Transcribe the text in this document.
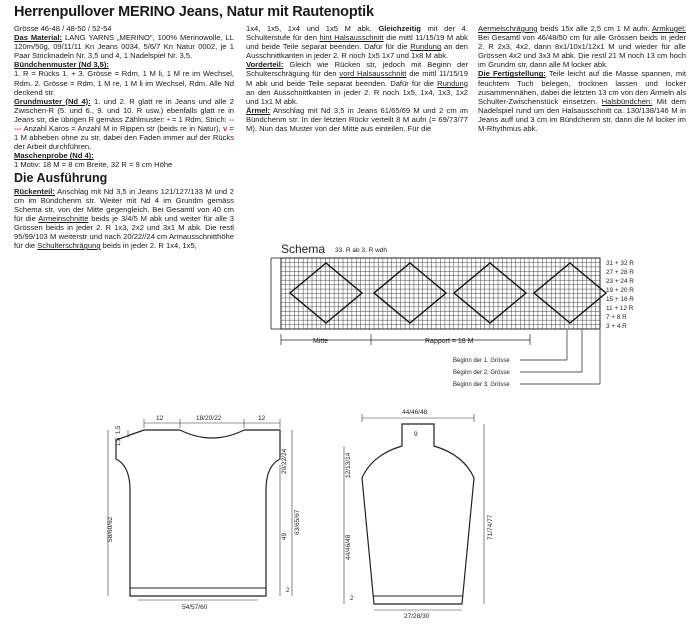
Herrenpullover MERINO Jeans, Natur mit Rautenoptik

Grösse 46-48 / 48-50 / 52-54

Das Material: LANG YARNS „MERINO", 100% Merinowolle, LL 120m/50g, 09/11/11 Kn Jeans 0034, 5/6/7 Kn Natur 0002, je 1 Paar Stricknadeln Nr. 3,5 und 4, 1 Nadelspiel Nr. 3,5.

Bündchenmuster (Nd 3,5):

1. R = Rücks 1. + 3. Grösse = Rdm, 1 M li, 1 M re im Wechsel, Rdm. 2. Grösse = Rdm, 1 M re, 1 M li im Wechsel, Rdm. Alle Nd deckend str.

Grundmuster (Nd 4): 1. und 2. R glatt re in Jeans und alle 2 Zwischen-R (5. und 6., 9. und 10. R usw.) ebenfalls glatt re in Jeans str, die übrigen R gemäss Zählmuster: • = 1 Rdm, Strich: ----- Anzahl Karos = Anzahl M in Rippen str (beids re in Natur), v = 1 M abheben ohne zu str, dabei den Faden immer auf der Rücks der Arbeit durchführen.

Maschenprobe (Nd 4):

1 Motiv: 18 M = 8 cm Breite, 32 R = 9 cm Höhe

Die Ausführung

Rückenteil: Anschlag mit Nd 3,5 in Jeans 121/127/133 M und 2 cm im Bündchenm str. Weiter mit Nd 4 im Grundm gemäss Schema str, von der Mitte gegengleich. Bei Gesamtl von 40 cm für die Armeinschnitte beids je 3/4/5 M abk und weiter für alle 3 Grössen beids in jeder 2. R 1x3, 2x2 und 3x1 M abk. Die restl 95/99/103 M weiterstr und nach 20/22//24 cm Armausschnitthöhe für die Schulterschrägung beids in jeder 2. R 1x4, 1x5,

1x4, 1x5, 1x4 und 1x5 M abk. Gleichzeitig mit der 4. Schulterstufe für den hint Halsausschnitt die mittl 11/15/19 M abk und beide Teile separat beenden. Dafür für die Rundung an den Ausschnittkanten in jeder 2. R noch 1x5 1x7 und 1x8 M abk.

Vorderteil: Gleich wie Rücken str, jedoch mit Beginn der Schulterschrägung für den vord Halsausschnitt die mittl 11/15/19 M abk und beide Teile separat beenden. Dafür für die Rundung an den Ausschnittkanten in jeder 2. R noch 1x5, 1x4, 1x3, 1x2 und 1x1 M abk.

Ärmel: Anschlag mit Nd 3,5 in Jeans 61/65/69 M und 2 cm im Bündchenm str. In der letzten Rückr verteilt 8 M aufn (= 69/73/77 M). Nun das Muster von der Mitte aus einteilen. Für die

Aermelschrägung beids 15x alle 2,5 cm 1 M aufn. Armkugel: Bei Gesamtl von 46/48/50 cm für alle Grössen beids in jeder 2. R 2x3, 4x2, dann 8x1/10x1/12x1 M und wieder für alle Grössen 4x2 und 3x3 M abk. Die restl 21 M noch 13 cm hoch im Grundm str, dann alle M locker abk.

Die Fertigstellung: Teile leicht auf die Masse spannen, mit feuchtem Tuch belegen, trocknen lassen und locker zusammennähen, dabei die letzten 13 cm von den Ärmeln als Schulter-Zwischenstück einsetzen. Halsbündchen: Mit dem Nadelspiel rund um den Halsausschnitt ca. 130/138/146 M in Jeans auff und 3 cm im Bündchenm str, dann die M locker im M-Rhythmus abk.

Schema 33. R ab 3. R wdh
31 + 32 R
27 + 28 R
23 + 24 R
19 + 20 R
15 + 16 R
11 + 12 R
7 + 8 R
3 + 4 R
Mitte	Rapport = 18 M
Beginn der 1. Grösse
Beginn der 2. Grösse
Beginn der 3. Grösse
12	18/20/22	12
1,5
1,5
58/60/62
20/22/24
63/65/67
49
2
54/57/60
44/46/48
9
12/13/14
44/46/48
71/74/77
2
27/28/30
